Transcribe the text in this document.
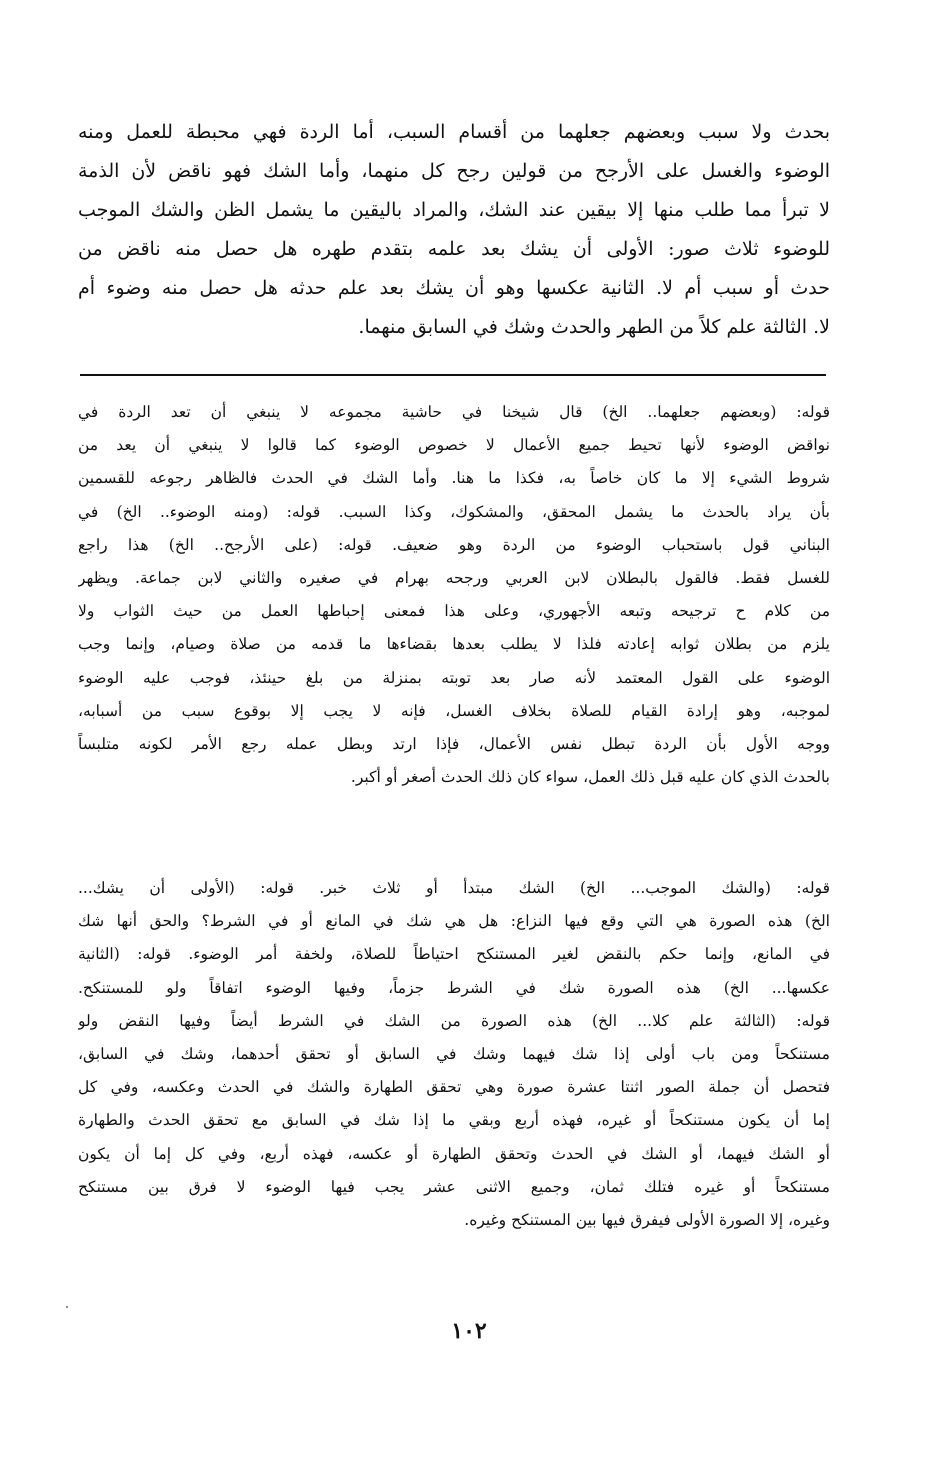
بحدث ولا سبب وبعضهم جعلهما من أقسام السبب، أما الردة فهي محبطة للعمل ومنه
الوضوء والغسل على الأرجح من قولين رجح كل منهما، وأما الشك فهو ناقض لأن الذمة
لا تبرأ مما طلب منها إلا بيقين عند الشك، والمراد باليقين ما يشمل الظن والشك الموجب
للوضوء ثلاث صور: الأولى أن يشك بعد علمه بتقدم طهره هل حصل منه ناقض من
حدث أو سبب أم لا. الثانية عكسها وهو أن يشك بعد علم حدثه هل حصل منه وضوء أم
لا. الثالثة علم كلاً من الطهر والحدث وشك في السابق منهما.
قوله: (وبعضهم جعلهما.. الخ) قال شيخنا في حاشية مجموعه لا ينبغي أن تعد الردة في
نواقض الوضوء لأنها تحيط جميع الأعمال لا خصوص الوضوء كما قالوا لا ينبغي أن يعد من
شروط الشيء إلا ما كان خاصاً به، فكذا ما هنا. وأما الشك في الحدث فالظاهر رجوعه للقسمين
بأن يراد بالحدث ما يشمل المحقق، والمشكوك، وكذا السبب. قوله: (ومنه الوضوء.. الخ) في
البناني قول باستحباب الوضوء من الردة وهو ضعيف. قوله: (على الأرجح.. الخ) هذا راجع
للغسل فقط. فالقول بالبطلان لابن العربي ورجحه بهرام في صغيره والثاني لابن جماعة. ويظهر
من كلام ح ترجيحه وتبعه الأجهوري، وعلى هذا فمعنى إحباطها العمل من حيث الثواب ولا
يلزم من بطلان ثوابه إعادته فلذا لا يطلب بعدها بقضاءها ما قدمه من صلاة وصيام، وإنما وجب
الوضوء على القول المعتمد لأنه صار بعد توبته بمنزلة من بلغ حينئذ، فوجب عليه الوضوء
لموجبه، وهو إرادة القيام للصلاة بخلاف الغسل، فإنه لا يجب إلا بوقوع سبب من أسبابه،
ووجه الأول بأن الردة تبطل نفس الأعمال، فإذا ارتد وبطل عمله رجع الأمر لكونه متلبساً
بالحدث الذي كان عليه قبل ذلك العمل، سواء كان ذلك الحدث أصغر أو أكبر.
قوله: (والشك الموجب... الخ) الشك مبتدأ أو ثلاث خبر. قوله: (الأولى أن يشك...
الخ) هذه الصورة هي التي وقع فيها النزاع: هل هي شك في المانع أو في الشرط؟ والحق أنها شك
في المانع، وإنما حكم بالنقض لغير المستنكح احتياطاً للصلاة، ولخفة أمر الوضوء. قوله: (الثانية
عكسها... الخ) هذه الصورة شك في الشرط جزماً، وفيها الوضوء اتفاقاً ولو للمستنكح.
قوله: (الثالثة علم كلا... الخ) هذه الصورة من الشك في الشرط أيضاً وفيها النقض ولو
مستنكحاً ومن باب أولى إذا شك فيهما وشك في السابق أو تحقق أحدهما، وشك في السابق،
فتحصل أن جملة الصور اثنتا عشرة صورة وهي تحقق الطهارة والشك في الحدث وعكسه، وفي كل
إما أن يكون مستنكحاً أو غيره، فهذه أربع وبقي ما إذا شك في السابق مع تحقق الحدث والطهارة
أو الشك فيهما، أو الشك في الحدث وتحقق الطهارة أو عكسه، فهذه أربع، وفي كل إما أن يكون
مستنكحاً أو غيره فتلك ثمان، وجميع الاثنى عشر يجب فيها الوضوء لا فرق بين مستنكح
وغيره، إلا الصورة الأولى فيفرق فيها بين المستنكح وغيره.
١٠٢
